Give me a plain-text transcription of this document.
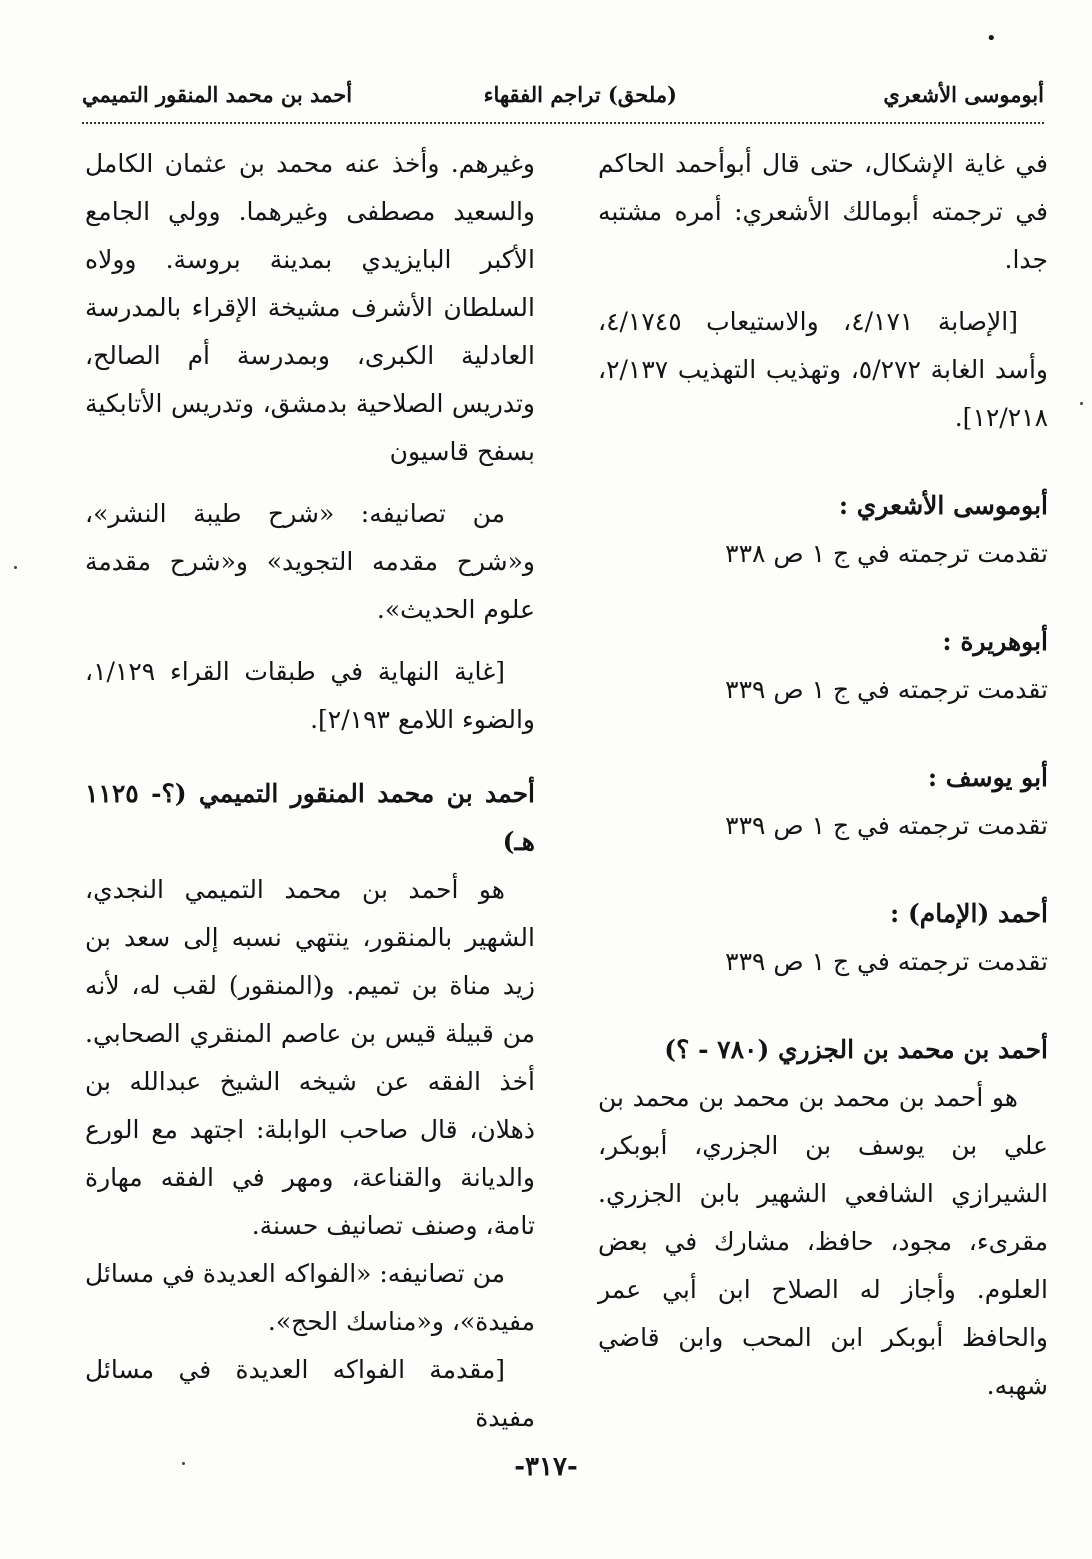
•
أبوموسى الأشعري
(ملحق) تراجم الفقهاء
أحمد بن محمد المنقور التميمي

في غاية الإشكال، حتى قال أبوأحمد الحاكم في ترجمته أبومالك الأشعري: أمره مشتبه جدا.

[الإصابة ٤/١٧١، والاستيعاب ٤/١٧٤٥، وأسد الغابة ٥/٢٧٢، وتهذيب التهذيب ٢/١٣٧، ١٢/٢١٨].

أبوموسى الأشعري :

تقدمت ترجمته في ج ١ ص ٣٣٨

أبوهريرة :

تقدمت ترجمته في ج ١ ص ٣٣٩

أبو يوسف :

تقدمت ترجمته في ج ١ ص ٣٣٩

أحمد (الإمام) :

تقدمت ترجمته في ج ١ ص ٣٣٩

أحمد بن محمد بن الجزري (٧٨٠ - ؟)

هو أحمد بن محمد بن محمد بن محمد بن علي بن يوسف بن الجزري، أبوبكر، الشيرازي الشافعي الشهير بابن الجزري. مقرىء، مجود، حافظ، مشارك في بعض العلوم. وأجاز له الصلاح ابن أبي عمر والحافظ أبوبكر ابن المحب وابن قاضي شهبه.

وغيرهم. وأخذ عنه محمد بن عثمان الكامل والسعيد مصطفى وغيرهما. وولي الجامع الأكبر البايزيدي بمدينة بروسة. وولاه السلطان الأشرف مشيخة الإقراء بالمدرسة العادلية الكبرى، وبمدرسة أم الصالح، وتدريس الصلاحية بدمشق، وتدريس الأتابكية بسفح قاسيون

من تصانيفه: «شرح طيبة النشر»، و«شرح مقدمه التجويد» و«شرح مقدمة علوم الحديث».

[غاية النهاية في طبقات القراء ١/١٢٩، والضوء اللامع ٢/١٩٣].

أحمد بن محمد المنقور التميمي (؟- ١١٢٥ هـ)

هو أحمد بن محمد التميمي النجدي، الشهير بالمنقور، ينتهي نسبه إلى سعد بن زيد مناة بن تميم. و(المنقور) لقب له، لأنه من قبيلة قيس بن عاصم المنقري الصحابي. أخذ الفقه عن شيخه الشيخ عبدالله بن ذهلان، قال صاحب الوابلة: اجتهد مع الورع والديانة والقناعة، ومهر في الفقه مهارة تامة، وصنف تصانيف حسنة.

من تصانيفه: «الفواكه العديدة في مسائل مفيدة»، و«مناسك الحج».

[مقدمة الفواكه العديدة في مسائل مفيدة

-٣١٧-
